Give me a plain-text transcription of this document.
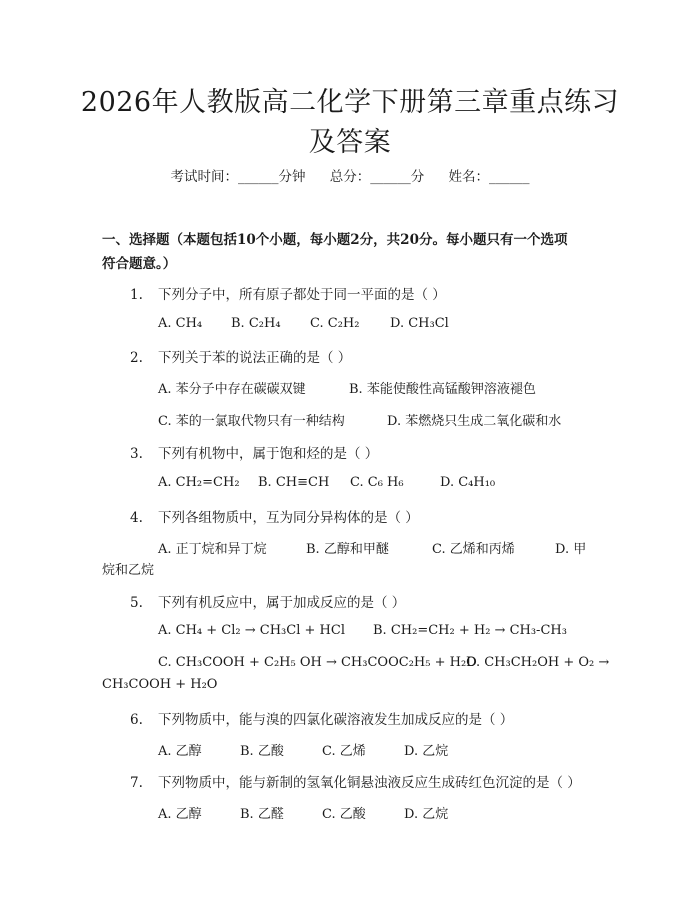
2026年人教版高二化学下册第三章重点练习
及答案
考试时间：______分钟 总分：______分 姓名：______
一、选择题（本题包括10个小题，每小题2分，共20分。每小题只有一个选项
符合题意。）
1. 下列分子中，所有原子都处于同一平面的是（ ）
A. CH₄ B. C₂H₄ C. C₂H₂ D. CH₃Cl
2. 下列关于苯的说法正确的是（ ）
A. 苯分子中存在碳碳双键	B. 苯能使酸性高锰酸钾溶液褪色
C. 苯的一氯取代物只有一种结构	D. 苯燃烧只生成二氧化碳和水
3. 下列有机物中，属于饱和烃的是（ ）
A. CH₂=CH₂ B. CH≡CH C. C₆ H₆	D. C₄H₁₀
4. 下列各组物质中，互为同分异构体的是（ ）
A. 正丁烷和异丁烷	B. 乙醇和甲醚	C. 乙烯和丙烯	D. 甲
烷和乙烷
5. 下列有机反应中，属于加成反应的是（ ）
A. CH₄ + Cl₂ → CH₃Cl + HCl B. CH₂=CH₂ + H₂ → CH₃-CH₃
C. CH₃COOH + C₂H₅ OH → CH₃COOC₂H₅ + H₂O
D. CH₃CH₂OH + O₂ →
CH₃COOH + H₂O
6. 下列物质中，能与溴的四氯化碳溶液发生加成反应的是（ ）
A. 乙醇	B. 乙酸	C. 乙烯	D. 乙烷
7. 下列物质中，能与新制的氢氧化铜悬浊液反应生成砖红色沉淀的是（ ）
A. 乙醇	B. 乙醛	C. 乙酸	D. 乙烷
